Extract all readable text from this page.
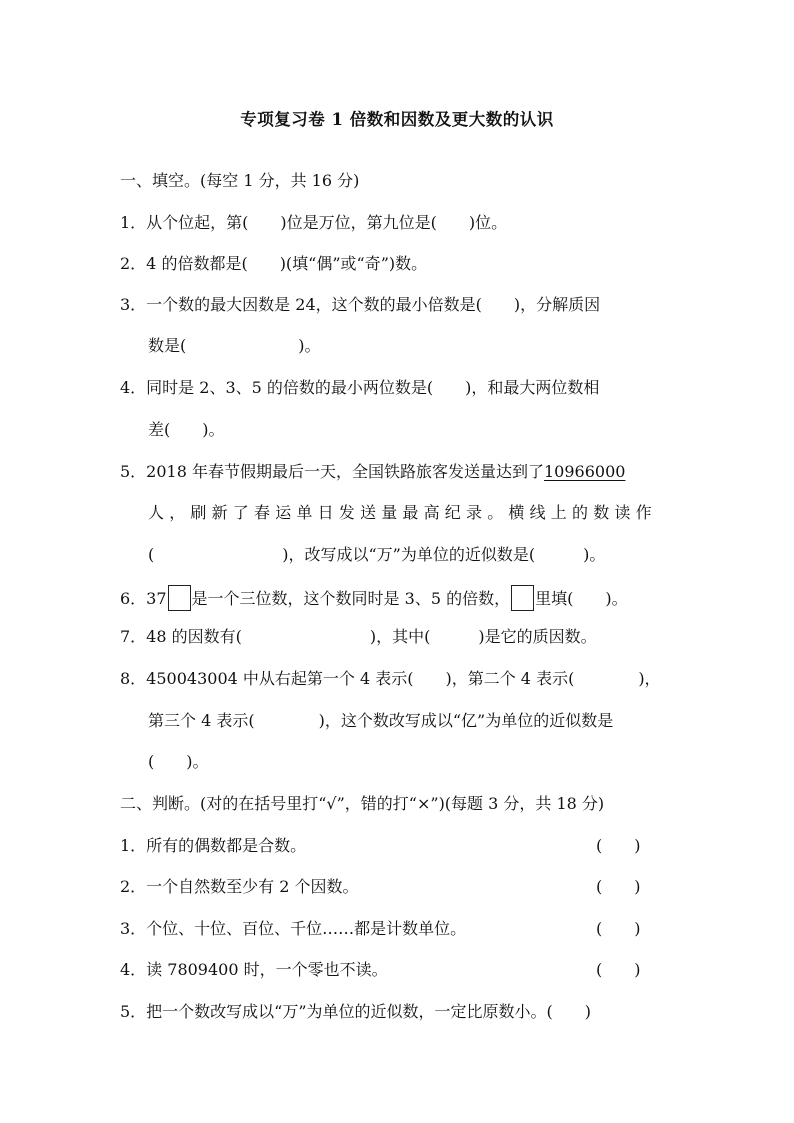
专项复习卷 1 倍数和因数及更大数的认识
一、填空。(每空 1 分，共 16 分)
1．从个位起，第(　　)位是万位，第九位是(　　)位。
2．4 的倍数都是(　　)(填“偶”或“奇”)数。
3．一个数的最大因数是 24，这个数的最小倍数是(　　)，分解质因
数是(　　　　　　　)。
4．同时是 2、3、5 的倍数的最小两位数是(　　)，和最大两位数相
差(　　)。
5．2018 年春节假期最后一天，全国铁路旅客发送量达到了10966000
人，刷新了春运单日发送量最高纪录。横线上的数读作
(　　　　　　　　)，改写成以“万”为单位的近似数是(　　　)。
6．37 是一个三位数，这个数同时是 3、5 的倍数， 里填(　　)。
7．48 的因数有(　　　　　　　　)，其中(　　　)是它的质因数。
8．450043004 中从右起第一个 4 表示(　　)，第二个 4 表示(　　　　)，
第三个 4 表示(　　　　)，这个数改写成以“亿”为单位的近似数是
(　　)。
二、判断。(对的在括号里打“√”，错的打“×”)(每题 3 分，共 18 分)
1．所有的偶数都是合数。	(　　)
2．一个自然数至少有 2 个因数。	(　　)
3．个位、十位、百位、千位……都是计数单位。	(　　)
4．读 7809400 时，一个零也不读。	(　　)
5．把一个数改写成以“万”为单位的近似数，一定比原数小。(　　)
